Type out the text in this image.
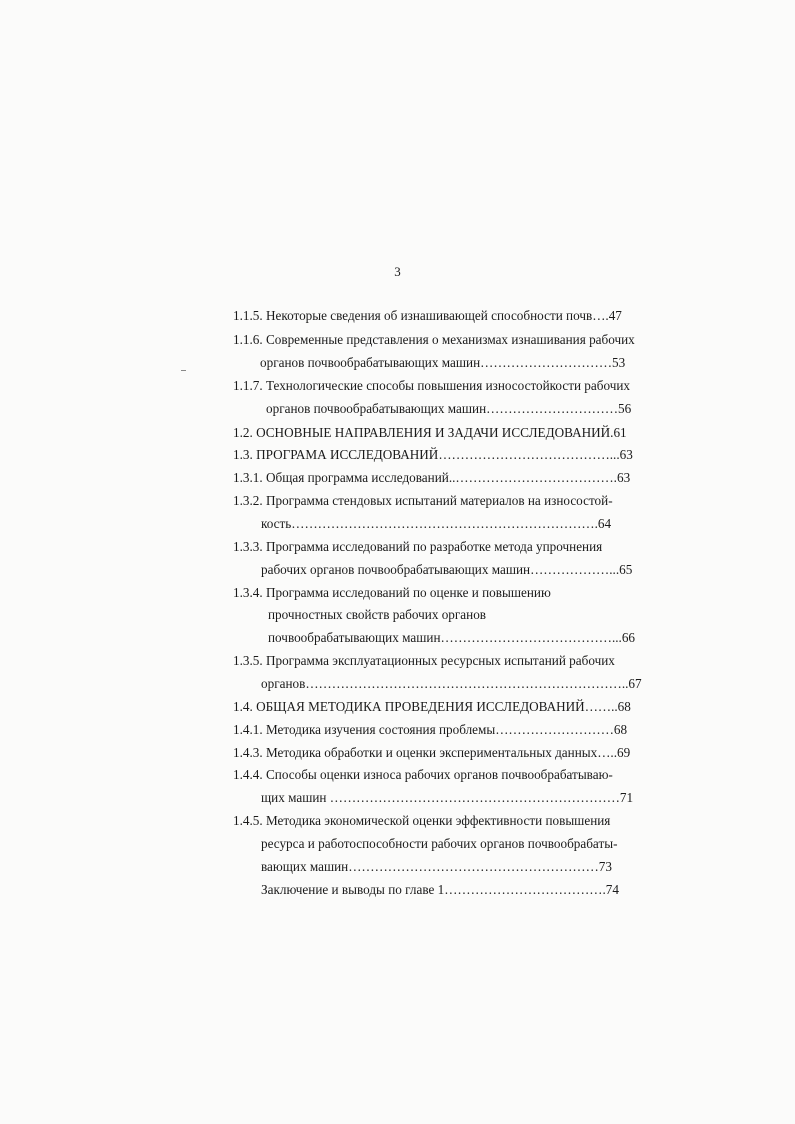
3
1.1.5. Некоторые сведения об изнашивающей способности почв….47
1.1.6. Современные представления о механизмах изнашивания рабочих
органов почвообрабатывающих машин…………………………53
1.1.7. Технологические способы повышения износостойкости рабочих
органов почвообрабатывающих машин…………………………56
1.2. ОСНОВНЫЕ НАПРАВЛЕНИЯ И ЗАДАЧИ ИССЛЕДОВАНИЙ.61
1.3. ПРОГРАМА ИССЛЕДОВАНИЙ…………………………………...63
1.3.1. Общая программа исследований..……………………………….63
1.3.2. Программа стендовых испытаний материалов на износостой-
кость…………………………………………………………….64
1.3.3. Программа исследований по разработке метода упрочнения
рабочих органов почвообрабатывающих машин………………...65
1.3.4. Программа исследований по оценке и повышению
прочностных свойств рабочих органов
почвообрабатывающих машин…………………………………...66
1.3.5. Программа эксплуатационных ресурсных испытаний рабочих
органов………………………………………………………………..67
1.4. ОБЩАЯ МЕТОДИКА ПРОВЕДЕНИЯ ИССЛЕДОВАНИЙ……..68
1.4.1. Методика изучения состояния проблемы………………………68
1.4.3. Методика обработки и оценки экспериментальных данных…..69
1.4.4. Способы оценки износа рабочих органов почвообрабатываю-
щих машин …………………………………………………………71
1.4.5. Методика экономической оценки эффективности повышения
ресурса и работоспособности рабочих органов почвообрабаты-
вающих машин…………………………………………………73
Заключение и выводы по главе 1……………………………….74
